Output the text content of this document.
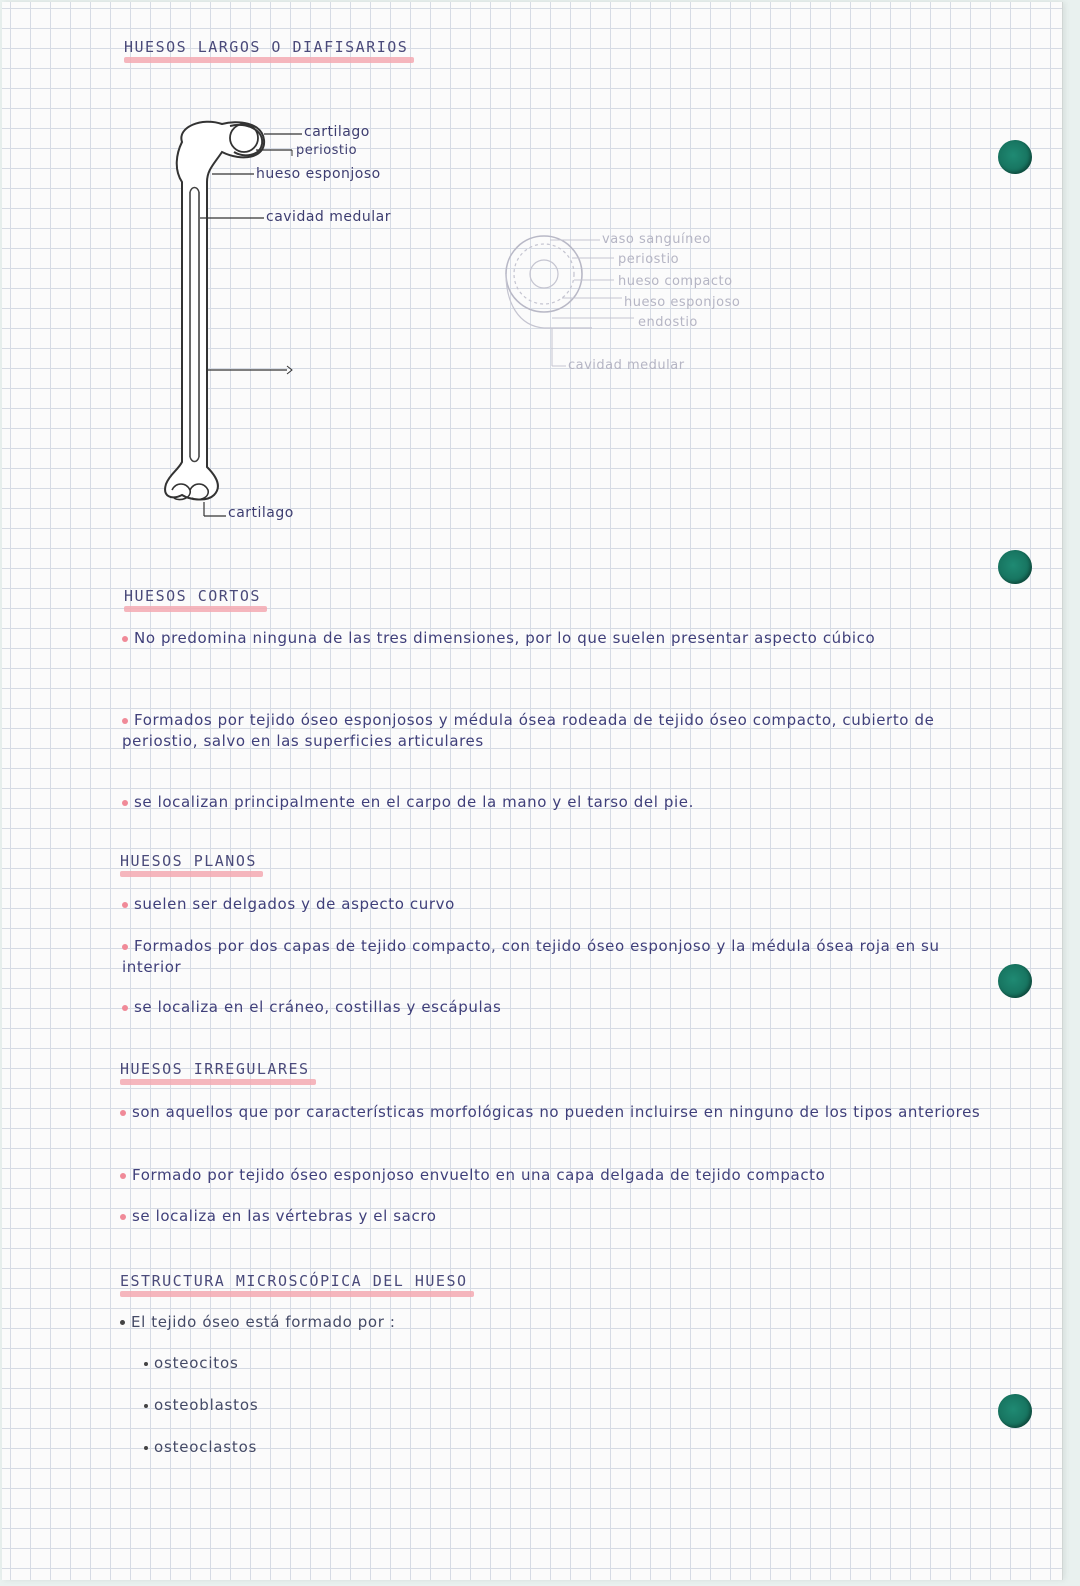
HUESOS LARGOS O DIAFISARIOS
cartilago
periostio
hueso esponjoso
cavidad medular
cartilago
vaso sanguíneo
periostio
hueso compacto
hueso esponjoso
endostio
cavidad medular
HUESOS CORTOS
No predomina ninguna de las tres dimensiones, por lo que suelen presentar aspecto cúbico
Formados por tejido óseo esponjosos y médula ósea rodeada de tejido óseo compacto, cubierto de periostio, salvo en las superficies articulares
se localizan principalmente en el carpo de la mano y el tarso del pie.
HUESOS PLANOS
suelen ser delgados y de aspecto curvo
Formados por dos capas de tejido compacto, con tejido óseo esponjoso y la médula ósea roja en su interior
se localiza en el cráneo, costillas y escápulas
HUESOS IRREGULARES
son aquellos que por características morfológicas no pueden incluirse en ninguno de los tipos anteriores
Formado por tejido óseo esponjoso envuelto en una capa delgada de tejido compacto
se localiza en las vértebras y el sacro
ESTRUCTURA MICROSCÓPICA DEL HUESO
El tejido óseo está formado por :
osteocitos
osteoblastos
osteoclastos
